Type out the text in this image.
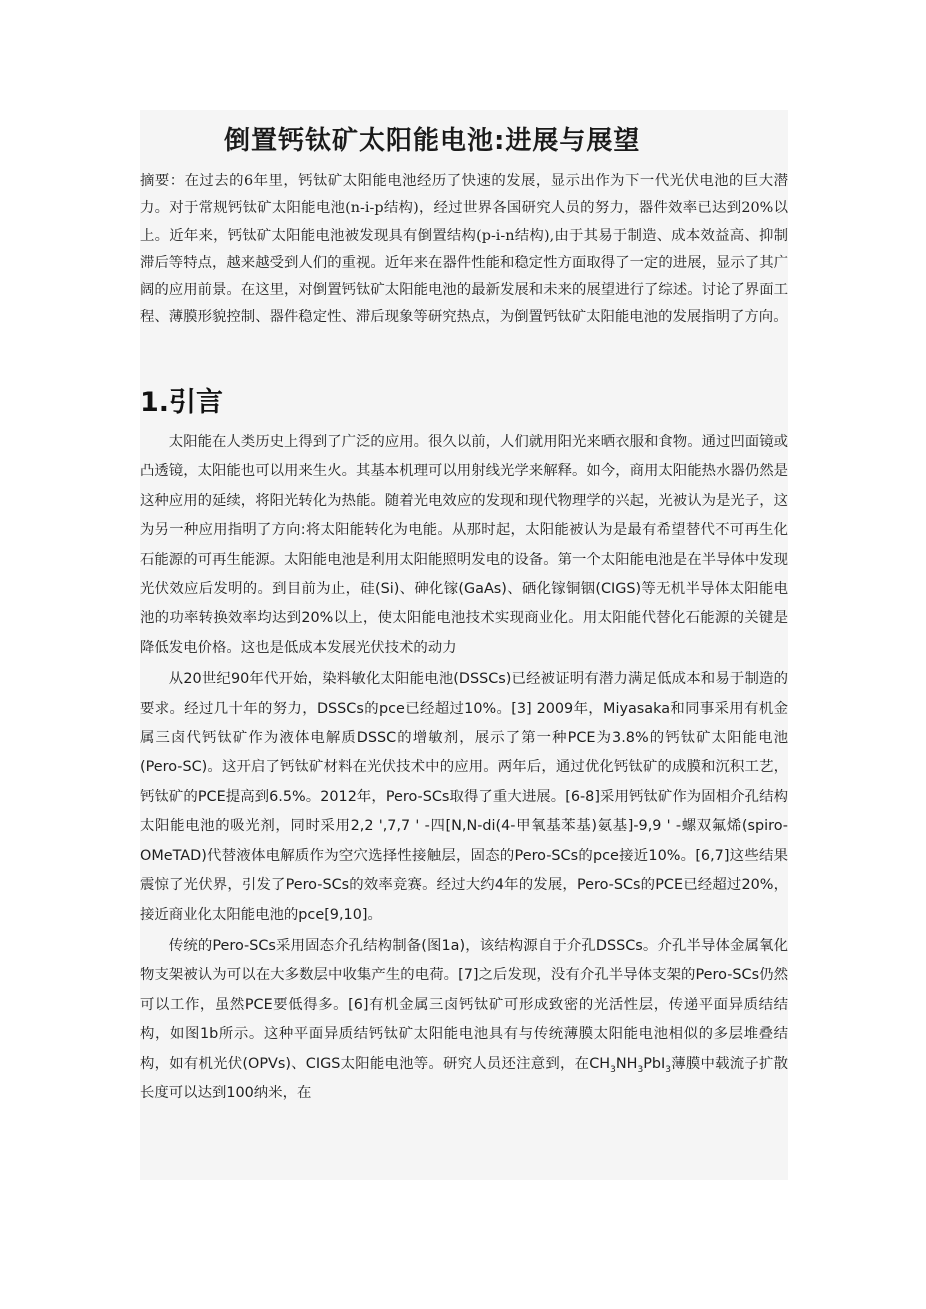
倒置钙钛矿太阳能电池:进展与展望

摘要：在过去的6年里，钙钛矿太阳能电池经历了快速的发展，显示出作为下一代光伏电池的巨大潜力。对于常规钙钛矿太阳能电池(n-i-p结构)，经过世界各国研究人员的努力，器件效率已达到20%以上。近年来，钙钛矿太阳能电池被发现具有倒置结构(p-i-n结构),由于其易于制造、成本效益高、抑制滞后等特点，越来越受到人们的重视。近年来在器件性能和稳定性方面取得了一定的进展，显示了其广阔的应用前景。在这里，对倒置钙钛矿太阳能电池的最新发展和未来的展望进行了综述。讨论了界面工程、薄膜形貌控制、器件稳定性、滞后现象等研究热点，为倒置钙钛矿太阳能电池的发展指明了方向。

1.引言

太阳能在人类历史上得到了广泛的应用。很久以前，人们就用阳光来晒衣服和食物。通过凹面镜或凸透镜，太阳能也可以用来生火。其基本机理可以用射线光学来解释。如今，商用太阳能热水器仍然是这种应用的延续，将阳光转化为热能。随着光电效应的发现和现代物理学的兴起，光被认为是光子，这为另一种应用指明了方向:将太阳能转化为电能。从那时起，太阳能被认为是最有希望替代不可再生化石能源的可再生能源。太阳能电池是利用太阳能照明发电的设备。第一个太阳能电池是在半导体中发现光伏效应后发明的。到目前为止，硅(Si)、砷化镓(GaAs)、硒化镓铜铟(CIGS)等无机半导体太阳能电池的功率转换效率均达到20%以上，使太阳能电池技术实现商业化。用太阳能代替化石能源的关键是降低发电价格。这也是低成本发展光伏技术的动力

从20世纪90年代开始，染料敏化太阳能电池(DSSCs)已经被证明有潜力满足低成本和易于制造的要求。经过几十年的努力，DSSCs的pce已经超过10%。[3] 2009年，Miyasaka和同事采用有机金属三卤代钙钛矿作为液体电解质DSSC的增敏剂，展示了第一种PCE为3.8%的钙钛矿太阳能电池(Pero-SC)。这开启了钙钛矿材料在光伏技术中的应用。两年后，通过优化钙钛矿的成膜和沉积工艺，钙钛矿的PCE提高到6.5%。2012年，Pero-SCs取得了重大进展。[6-8]采用钙钛矿作为固相介孔结构太阳能电池的吸光剂，同时采用2,2 ',7,7 ' -四[N,N-di(4-甲氧基苯基)氨基]-9,9 ' -螺双氟烯(spiro-OMeTAD)代替液体电解质作为空穴选择性接触层，固态的Pero-SCs的pce接近10%。[6,7]这些结果震惊了光伏界，引发了Pero-SCs的效率竞赛。经过大约4年的发展，Pero-SCs的PCE已经超过20%，接近商业化太阳能电池的pce[9,10]。

传统的Pero-SCs采用固态介孔结构制备(图1a)，该结构源自于介孔DSSCs。介孔半导体金属氧化物支架被认为可以在大多数层中收集产生的电荷。[7]之后发现，没有介孔半导体支架的Pero-SCs仍然可以工作，虽然PCE要低得多。[6]有机金属三卤钙钛矿可形成致密的光活性层，传递平面异质结结构，如图1b所示。这种平面异质结钙钛矿太阳能电池具有与传统薄膜太阳能电池相似的多层堆叠结构，如有机光伏(OPVs)、CIGS太阳能电池等。研究人员还注意到，在$CH_3NH_3PbI_3$薄膜中载流子扩散长度可以达到100纳米，在
